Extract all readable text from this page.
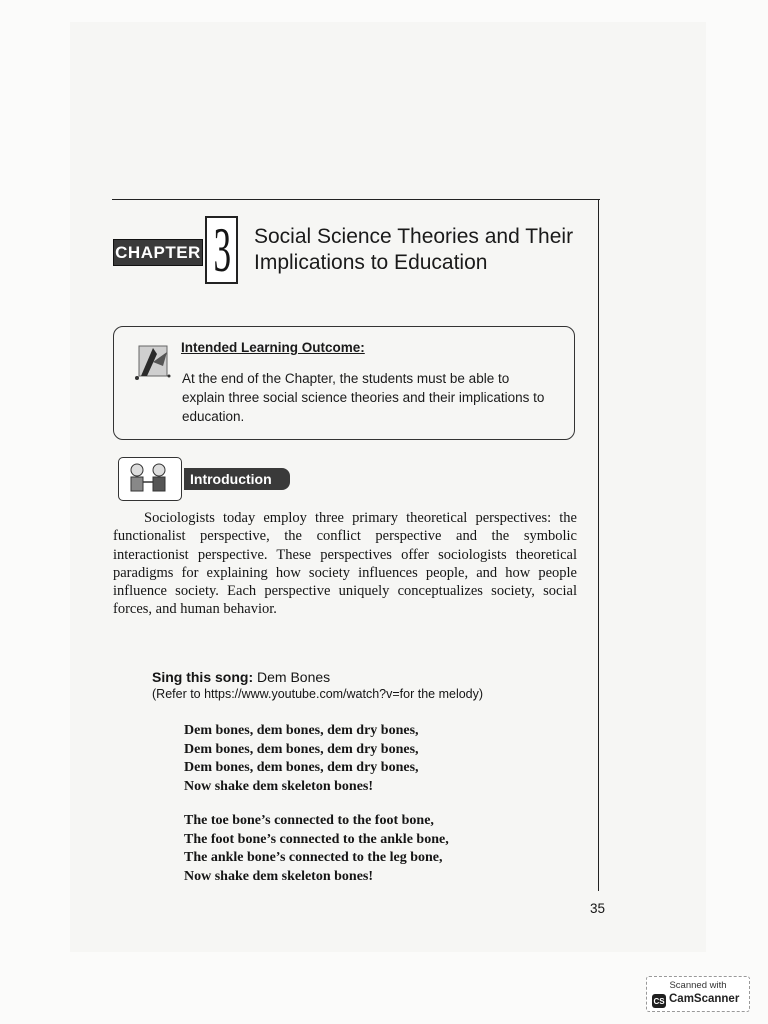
CHAPTER 3 Social Science Theories and Their Implications to Education
Intended Learning Outcome:
At the end of the Chapter, the students must be able to explain three social science theories and their implications to education.
Introduction
Sociologists today employ three primary theoretical perspectives: the functionalist perspective, the conflict perspective and the symbolic interactionist perspective. These perspectives offer sociologists theoretical paradigms for explaining how society influences people, and how people influence society. Each perspective uniquely conceptualizes society, social forces, and human behavior.
Sing this song: Dem Bones
(Refer to https://www.youtube.com/watch?v=for the melody)
Dem bones, dem bones, dem dry bones,
Dem bones, dem bones, dem dry bones,
Dem bones, dem bones, dem dry bones,
Now shake dem skeleton bones!
The toe bone’s connected to the foot bone,
The foot bone’s connected to the ankle bone,
The ankle bone’s connected to the leg bone,
Now shake dem skeleton bones!
35
Scanned with
CS CamScanner
